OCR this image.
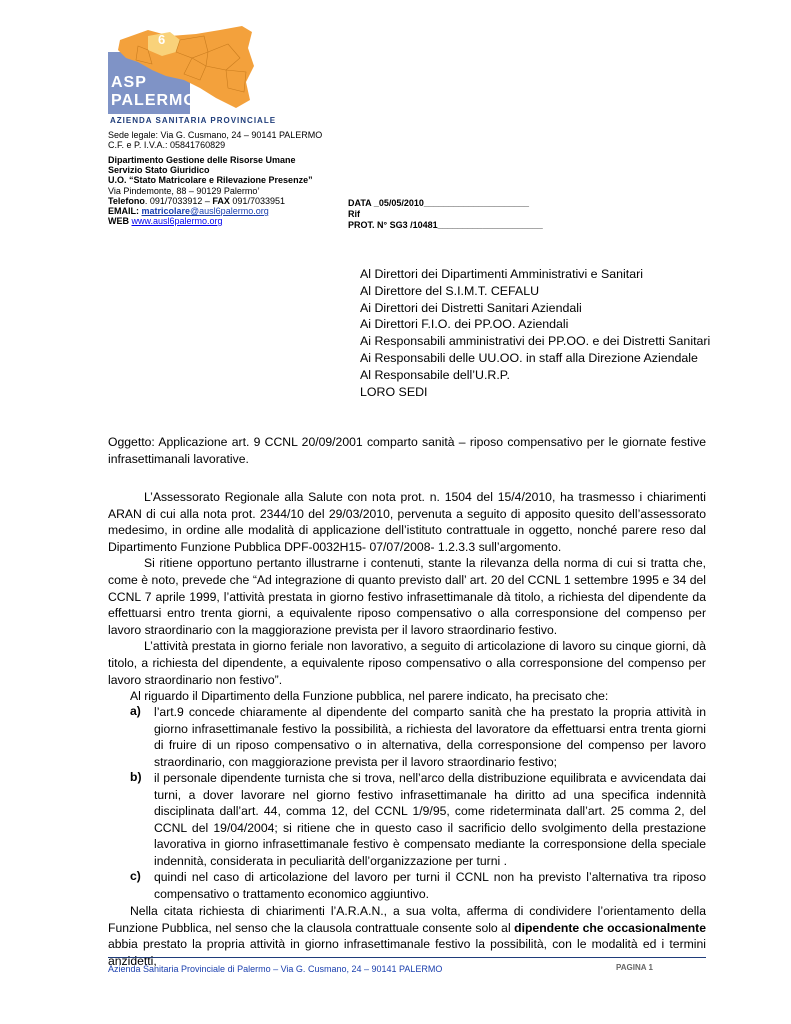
6
ASP
PALERMO
AZIENDA SANITARIA PROVINCIALE
Sede legale: Via G. Cusmano, 24 – 90141 PALERMO
C.F. e P. I.V.A.: 05841760829
Dipartimento Gestione delle Risorse Umane
Servizio Stato Giuridico
U.O. “Stato Matricolare e Rilevazione Presenze”
Via Pindemonte, 88 – 90129 Palermo’
Telefono. 091/7033912 – FAX 091/7033951
EMAIL: matricolare@ausl6palermo.org
WEB www.ausl6palermo.org
DATA _05/05/2010_____________________
Rif
PROT. N° SG3 /10481_____________________
Al Direttori dei Dipartimenti Amministrativi e Sanitari
Al Direttore del S.I.M.T. CEFALU
Ai Direttori dei Distretti Sanitari Aziendali
Ai Direttori F.I.O. dei PP.OO. Aziendali
Ai Responsabili amministrativi dei PP.OO. e dei Distretti Sanitari
Ai Responsabili delle UU.OO. in staff alla Direzione Aziendale
Al Responsabile dell’U.R.P.
LORO SEDI
Oggetto: Applicazione art. 9 CCNL 20/09/2001 comparto sanità – riposo compensativo per le giornate festive infrasettimanali lavorative.

L’Assessorato Regionale alla Salute con nota prot. n. 1504 del 15/4/2010, ha trasmesso i chiarimenti ARAN di cui alla nota prot. 2344/10 del 29/03/2010, pervenuta a seguito di apposito quesito dell’assessorato medesimo, in ordine alle modalità di applicazione dell’istituto contrattuale in oggetto, nonché parere reso dal Dipartimento Funzione Pubblica DPF-0032H15- 07/07/2008- 1.2.3.3 sull’argomento.

Si ritiene opportuno pertanto illustrarne i contenuti, stante la rilevanza della norma di cui si tratta che, come è noto, prevede che “Ad integrazione di quanto previsto dall’ art. 20 del CCNL 1 settembre 1995 e 34 del CCNL 7 aprile 1999, l’attività prestata in giorno festivo infrasettimanale dà titolo, a richiesta del dipendente da effettuarsi entro trenta giorni, a equivalente riposo compensativo o alla corresponsione del compenso per lavoro straordinario con la maggiorazione prevista per il lavoro straordinario festivo.

L’attività prestata in giorno feriale non lavorativo, a seguito di articolazione di lavoro su cinque giorni, dà titolo, a richiesta del dipendente, a equivalente riposo compensativo o alla corresponsione del compenso per lavoro straordinario non festivo”.

Al riguardo il Dipartimento della Funzione pubblica, nel parere indicato, ha precisato che:

a) l’art.9 concede chiaramente al dipendente del comparto sanità che ha prestato la propria attività in giorno infrasettimanale festivo la possibilità, a richiesta del lavoratore da effettuarsi entra trenta giorni di fruire di un riposo compensativo o in alternativa, della corresponsione del compenso per lavoro straordinario, con maggiorazione prevista per il lavoro straordinario festivo;
b) il personale dipendente turnista che si trova, nell’arco della distribuzione equilibrata e avvicendata dai turni, a dover lavorare nel giorno festivo infrasettimanale ha diritto ad una specifica indennità disciplinata dall’art. 44, comma 12, del CCNL 1/9/95, come rideterminata dall’art. 25 comma 2, del CCNL del 19/04/2004; si ritiene che in questo caso il sacrificio dello svolgimento della prestazione lavorativa in giorno infrasettimanale festivo è compensato mediante la corresponsione della speciale indennità, considerata in peculiarità dell’organizzazione per turni .
c) quindi nel caso di articolazione del lavoro per turni il CCNL non ha previsto l’alternativa tra riposo compensativo o trattamento economico aggiuntivo.

Nella citata richiesta di chiarimenti l’A.R.A.N., a sua volta, afferma di condividere l’orientamento della Funzione Pubblica, nel senso che la clausola contrattuale consente solo al dipendente che occasionalmente abbia prestato la propria attività in giorno infrasettimanale festivo la possibilità, con le modalità ed i termini anzidetti,

Azienda Sanitaria Provinciale di Palermo – Via G. Cusmano, 24 – 90141 PALERMO	PAGINA 1
